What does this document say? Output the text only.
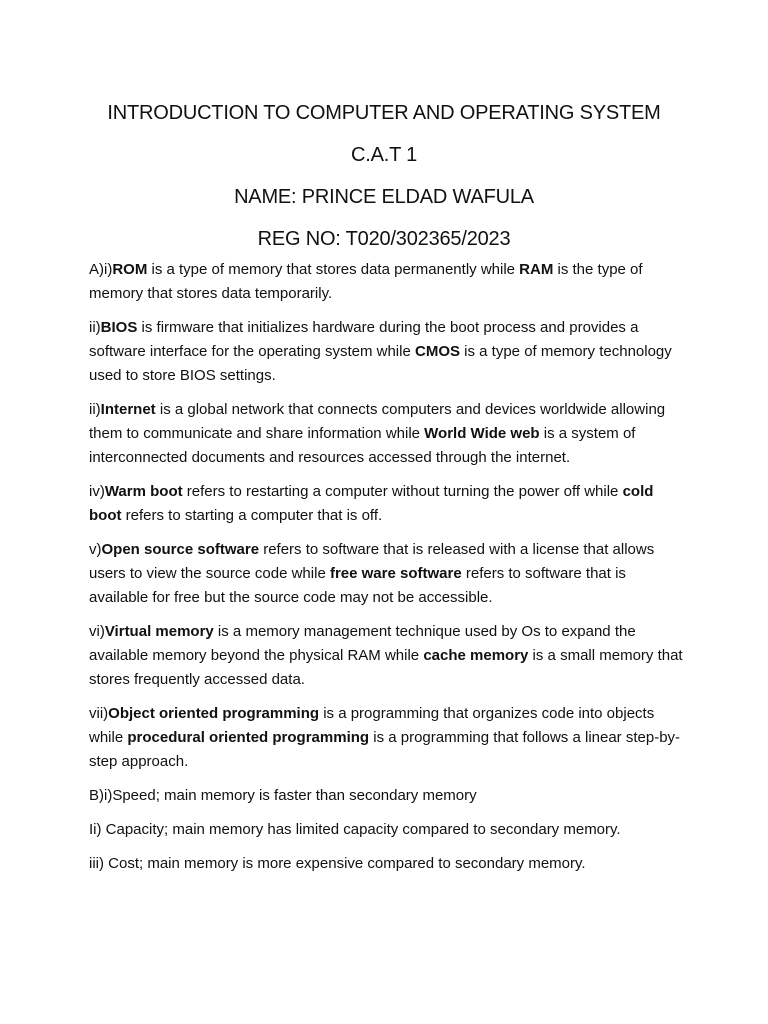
INTRODUCTION TO COMPUTER AND OPERATING SYSTEM
C.A.T 1
NAME: PRINCE ELDAD WAFULA
REG NO: T020/302365/2023

A)i)ROM is a type of memory that stores data permanently while RAM is the type of memory that stores data temporarily.

ii)BIOS is firmware that initializes hardware during the boot process and provides a software interface for the operating system while CMOS is a type of memory technology used to store BIOS settings.

ii)Internet is a global network that connects computers and devices worldwide allowing them to communicate and share information while World Wide web is a system of interconnected documents and resources accessed through the internet.

iv)Warm boot refers to restarting a computer without turning the power off while cold boot refers to starting a computer that is off.

v)Open source software refers to software that is released with a license that allows users to view the source code while free ware software refers to software that is available for free but the source code may not be accessible.

vi)Virtual memory is a memory management technique used by Os to expand the available memory beyond the physical RAM while cache memory is a small memory that stores frequently accessed data.

vii)Object oriented programming is a programming that organizes code into objects while procedural oriented programming is a programming that follows a linear step-by-step approach.

B)i)Speed; main memory is faster than secondary memory

Ii) Capacity; main memory has limited capacity compared to secondary memory.

iii) Cost; main memory is more expensive compared to secondary memory.
